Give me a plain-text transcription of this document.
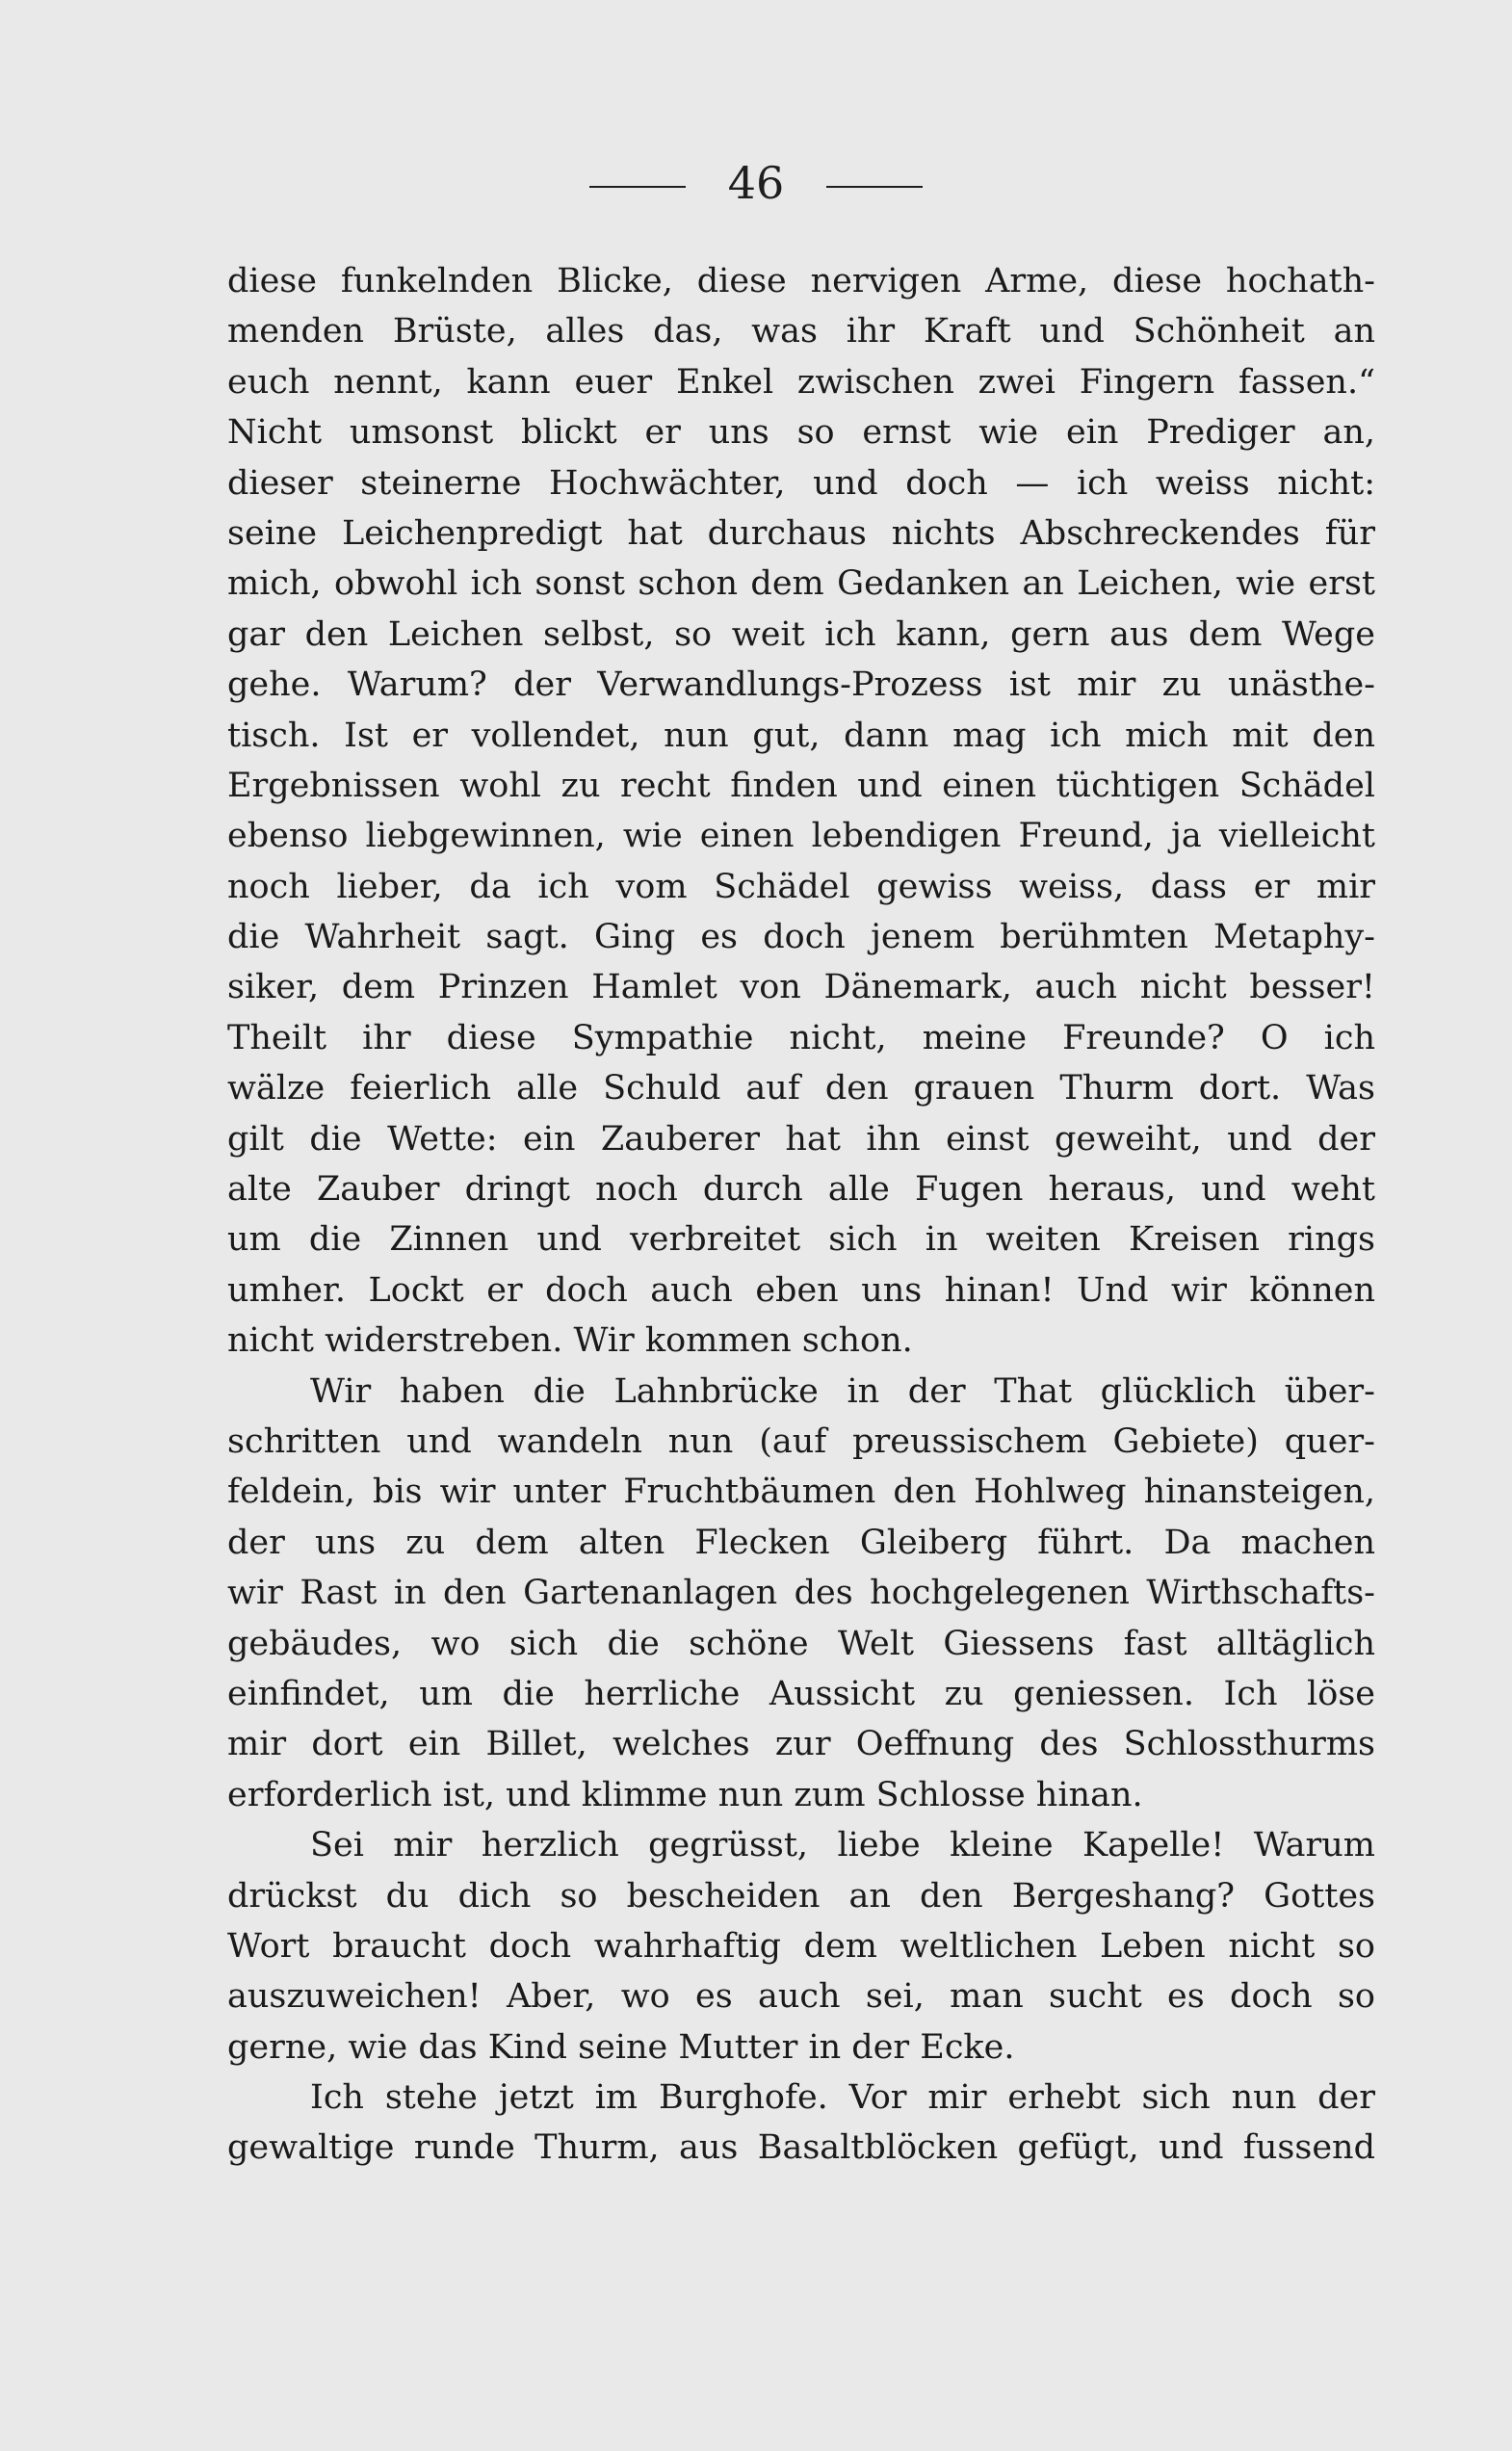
46
diese funkelnden Blicke, diese nervigen Arme, diese hochath-
menden Brüste, alles das, was ihr Kraft und Schönheit an
euch nennt, kann euer Enkel zwischen zwei Fingern fassen.“
Nicht umsonst blickt er uns so ernst wie ein Prediger an,
dieser steinerne Hochwächter, und doch — ich weiss nicht:
seine Leichenpredigt hat durchaus nichts Abschreckendes für
mich, obwohl ich sonst schon dem Gedanken an Leichen, wie erst
gar den Leichen selbst, so weit ich kann, gern aus dem Wege
gehe. Warum? der Verwandlungs-Prozess ist mir zu unästhe-
tisch. Ist er vollendet, nun gut, dann mag ich mich mit den
Ergebnissen wohl zu recht finden und einen tüchtigen Schädel
ebenso liebgewinnen, wie einen lebendigen Freund, ja vielleicht
noch lieber, da ich vom Schädel gewiss weiss, dass er mir
die Wahrheit sagt. Ging es doch jenem berühmten Metaphy-
siker, dem Prinzen Hamlet von Dänemark, auch nicht besser!
Theilt ihr diese Sympathie nicht, meine Freunde? O ich
wälze feierlich alle Schuld auf den grauen Thurm dort. Was
gilt die Wette: ein Zauberer hat ihn einst geweiht, und der
alte Zauber dringt noch durch alle Fugen heraus, und weht
um die Zinnen und verbreitet sich in weiten Kreisen rings
umher. Lockt er doch auch eben uns hinan! Und wir können
nicht widerstreben. Wir kommen schon.
Wir haben die Lahnbrücke in der That glücklich über-
schritten und wandeln nun (auf preussischem Gebiete) quer-
feldein, bis wir unter Fruchtbäumen den Hohlweg hinansteigen,
der uns zu dem alten Flecken Gleiberg führt. Da machen
wir Rast in den Gartenanlagen des hochgelegenen Wirthschafts-
gebäudes, wo sich die schöne Welt Giessens fast alltäglich
einfindet, um die herrliche Aussicht zu geniessen. Ich löse
mir dort ein Billet, welches zur Oeffnung des Schlossthurms
erforderlich ist, und klimme nun zum Schlosse hinan.
Sei mir herzlich gegrüsst, liebe kleine Kapelle! Warum
drückst du dich so bescheiden an den Bergeshang? Gottes
Wort braucht doch wahrhaftig dem weltlichen Leben nicht so
auszuweichen! Aber, wo es auch sei, man sucht es doch so
gerne, wie das Kind seine Mutter in der Ecke.
Ich stehe jetzt im Burghofe. Vor mir erhebt sich nun der
gewaltige runde Thurm, aus Basaltblöcken gefügt, und fussend
